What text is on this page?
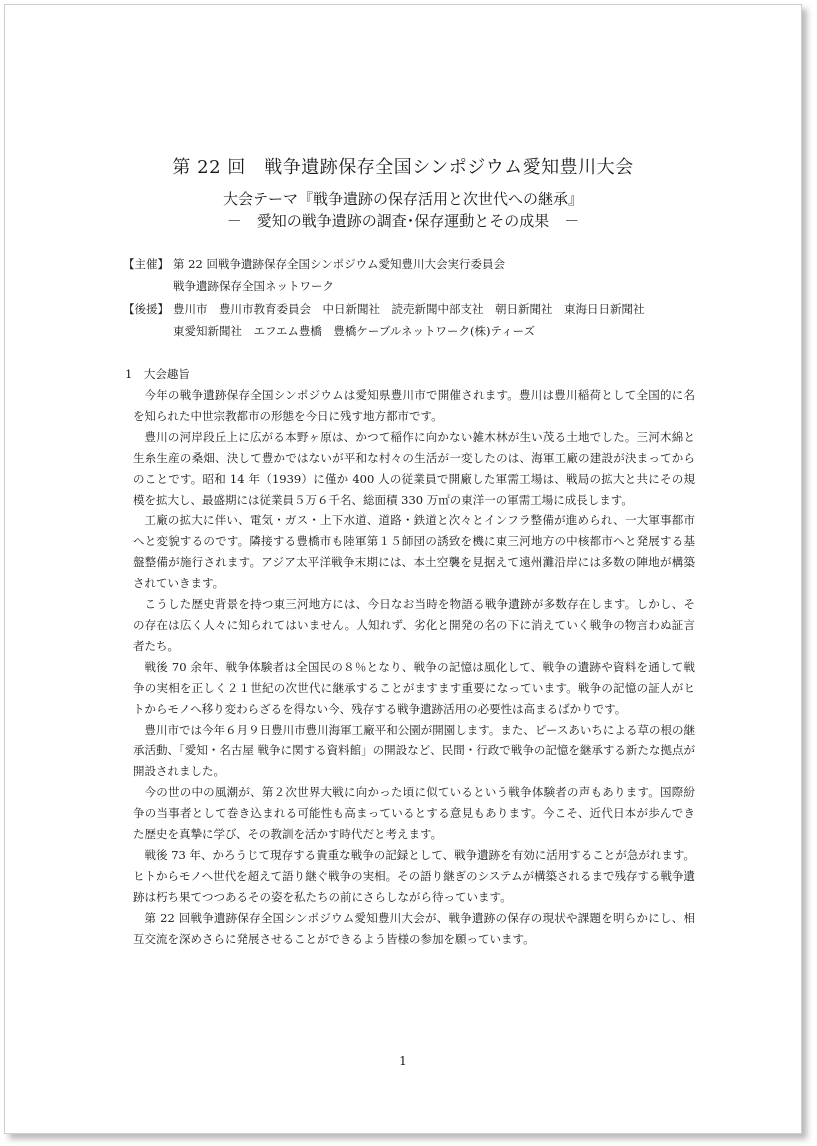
第 22 回　戦争遺跡保存全国シンポジウム愛知豊川大会
大会テーマ『戦争遺跡の保存活用と次世代への継承』
－　愛知の戦争遺跡の調査･保存運動とその成果　－
【主催】 第 22 回戦争遺跡保存全国シンポジウム愛知豊川大会実行委員会
戦争遺跡保存全国ネットワーク
【後援】 豊川市　豊川市教育委員会　中日新聞社　読売新聞中部支社　朝日新聞社　東海日日新聞社
東愛知新聞社　エフエム豊橋　豊橋ケーブルネットワーク(株)ティーズ
1　大会趣旨

今年の戦争遺跡保存全国シンポジウムは愛知県豊川市で開催されます。豊川は豊川稲荷として全国的に名を知られた中世宗教都市の形態を今日に残す地方都市です。

豊川の河岸段丘上に広がる本野ヶ原は、かつて稲作に向かない雑木林が生い茂る土地でした。三河木綿と生糸生産の桑畑、決して豊かではないが平和な村々の生活が一変したのは、海軍工廠の建設が決まってからのことです。昭和 14 年（1939）に僅か 400 人の従業員で開廠した軍需工場は、戦局の拡大と共にその規模を拡大し、最盛期には従業員５万６千名、総面積 330 万㎡の東洋一の軍需工場に成長します。

工廠の拡大に伴い、電気・ガス・上下水道、道路・鉄道と次々とインフラ整備が進められ、一大軍事都市へと変貌するのです。隣接する豊橋市も陸軍第１５師団の誘致を機に東三河地方の中核都市へと発展する基盤整備が施行されます。アジア太平洋戦争末期には、本土空襲を見据えて遠州灘沿岸には多数の陣地が構築されていきます。

こうした歴史背景を持つ東三河地方には、今日なお当時を物語る戦争遺跡が多数存在します。しかし、その存在は広く人々に知られてはいません。人知れず、劣化と開発の名の下に消えていく戦争の物言わぬ証言者たち。

戦後 70 余年、戦争体験者は全国民の８％となり、戦争の記憶は風化して、戦争の遺跡や資料を通して戦争の実相を正しく２１世紀の次世代に継承することがますます重要になっています。戦争の記憶の証人がヒトからモノへ移り変わらざるを得ない今、残存する戦争遺跡活用の必要性は高まるばかりです。

豊川市では今年６月９日豊川市豊川海軍工廠平和公園が開園します。また、ピースあいちによる草の根の継承活動、「愛知・名古屋 戦争に関する資料館」の開設など、民間・行政で戦争の記憶を継承する新たな拠点が開設されました。

今の世の中の風潮が、第２次世界大戦に向かった頃に似ているという戦争体験者の声もあります。国際紛争の当事者として巻き込まれる可能性も高まっているとする意見もあります。今こそ、近代日本が歩んできた歴史を真摯に学び、その教訓を活かす時代だと考えます。

戦後 73 年、かろうじて現存する貴重な戦争の記録として、戦争遺跡を有効に活用することが急がれます。ヒトからモノへ世代を超えて語り継ぐ戦争の実相。その語り継ぎのシステムが構築されるまで残存する戦争遺跡は朽ち果てつつあるその姿を私たちの前にさらしながら待っています。

第 22 回戦争遺跡保存全国シンポジウム愛知豊川大会が、戦争遺跡の保存の現状や課題を明らかにし、相互交流を深めさらに発展させることができるよう皆様の参加を願っています。

1
